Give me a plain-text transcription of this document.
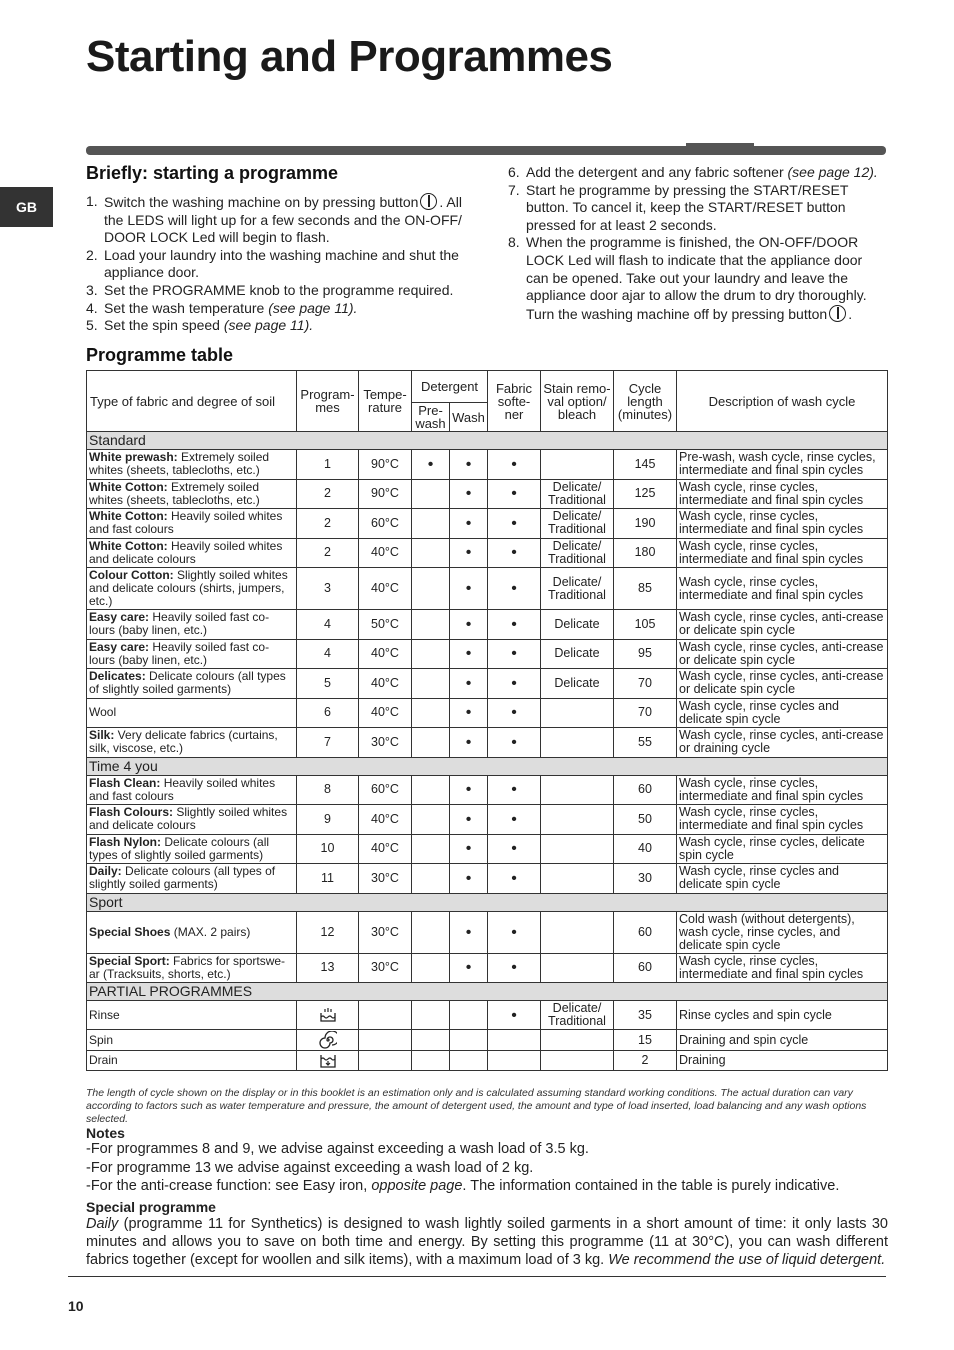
Starting and Programmes
GB
Briefly: starting a programme
1. Switch the washing machine on by pressing button . All the LEDS will light up for a few seconds and the ON-OFF/ DOOR LOCK Led will begin to flash.
2. Load your laundry into the washing machine and shut the appliance door.
3. Set the PROGRAMME knob to the programme required.
4. Set the wash temperature (see page 11).
5. Set the spin speed (see page 11).
6. Add the detergent and any fabric softener (see page 12).
7. Start he programme by pressing the START/RESET button. To cancel it, keep the START/RESET button pressed for at least 2 seconds.
8. When the programme is finished, the ON-OFF/DOOR LOCK Led will flash to indicate that the appliance door can be opened. Take out your laundry and leave the appliance door ajar to allow the drum to dry thoroughly. Turn the washing machine off by pressing button .
Programme table
Type of fabric and degree of soil	Program-mes	Tempe-rature	Detergent		Fabric softe-ner	Stain remo-val option/ bleach	Cycle length (minutes)	Description of wash cycle
			Pre-wash	Wash				
Standard								
White prewash: Extremely soiled whites (sheets, tablecloths, etc.)	1	90°C	•	•	•		145	Pre-wash, wash cycle, rinse cycles, intermediate and final spin cycles
White Cotton: Extremely soiled whites (sheets, tablecloths, etc.)	2	90°C		•	•	Delicate/ Traditional	125	Wash cycle, rinse cycles, intermediate and final spin cycles
White Cotton: Heavily soiled whites and fast colours	2	60°C		•	•	Delicate/ Traditional	190	Wash cycle, rinse cycles, intermediate and final spin cycles
White Cotton: Heavily soiled whites and delicate colours	2	40°C		•	•	Delicate/ Traditional	180	Wash cycle, rinse cycles, intermediate and final spin cycles
Colour Cotton: Slightly soiled whites and delicate colours (shirts, jumpers, etc.)	3	40°C		•	•	Delicate/ Traditional	85	Wash cycle, rinse cycles, intermediate and final spin cycles
Easy care: Heavily soiled fast co-lours (baby linen, etc.)	4	50°C		•	•	Delicate	105	Wash cycle, rinse cycles, anti-crease or delicate spin cycle
Easy care: Heavily soiled fast co-lours (baby linen, etc.)	4	40°C		•	•	Delicate	95	Wash cycle, rinse cycles, anti-crease or delicate spin cycle
Delicates: Delicate colours (all types of slightly soiled garments)	5	40°C		•	•	Delicate	70	Wash cycle, rinse cycles, anti-crease or delicate spin cycle
Wool	6	40°C		•	•		70	Wash cycle, rinse cycles and delicate spin cycle
Silk: Very delicate fabrics (curtains, silk, viscose, etc.)	7	30°C		•	•		55	Wash cycle, rinse cycles, anti-crease or draining cycle
Time 4 you								
Flash Clean: Heavily soiled whites and fast colours	8	60°C		•	•		60	Wash cycle, rinse cycles, intermediate and final spin cycles
Flash Colours: Slightly soiled whites and delicate colours	9	40°C		•	•		50	Wash cycle, rinse cycles, intermediate and final spin cycles
Flash Nylon: Delicate colours (all types of slightly soiled garments)	10	40°C		•	•		40	Wash cycle, rinse cycles, delicate spin cycle
Daily: Delicate colours (all types of slightly soiled garments)	11	30°C		•	•		30	Wash cycle, rinse cycles and delicate spin cycle
Sport								
Special Shoes (MAX. 2 pairs)	12	30°C		•	•		60	Cold wash (without detergents), wash cycle, rinse cycles, and delicate spin cycle
Special Sport: Fabrics for sportswe-ar (Tracksuits, shorts, etc.)	13	30°C		•	•		60	Wash cycle, rinse cycles, intermediate and final spin cycles
PARTIAL PROGRAMMES								
Rinse					•	Delicate/ Traditional	35	Rinse cycles and spin cycle
Spin							15	Draining and spin cycle
Drain							2	Draining
The length of cycle shown on the display or in this booklet is an estimation only and is calculated assuming standard working conditions. The actual duration can vary according to factors such as water temperature and pressure, the amount of detergent used, the amount and type of load inserted, load balancing and any wash options selected.
Notes
-For programmes 8 and 9, we advise against exceeding a wash load of 3.5 kg.
-For programme 13 we advise against exceeding a wash load of 2 kg.
-For the anti-crease function: see Easy iron, opposite page. The information contained in the table is purely indicative.
Special programme
Daily (programme 11 for Synthetics) is designed to wash lightly soiled garments in a short amount of time: it only lasts 30 minutes and allows you to save on both time and energy. By setting this programme (11 at 30°C), you can wash different fabrics together (except for woollen and silk items), with a maximum load of 3 kg. We recommend the use of liquid detergent.
10
